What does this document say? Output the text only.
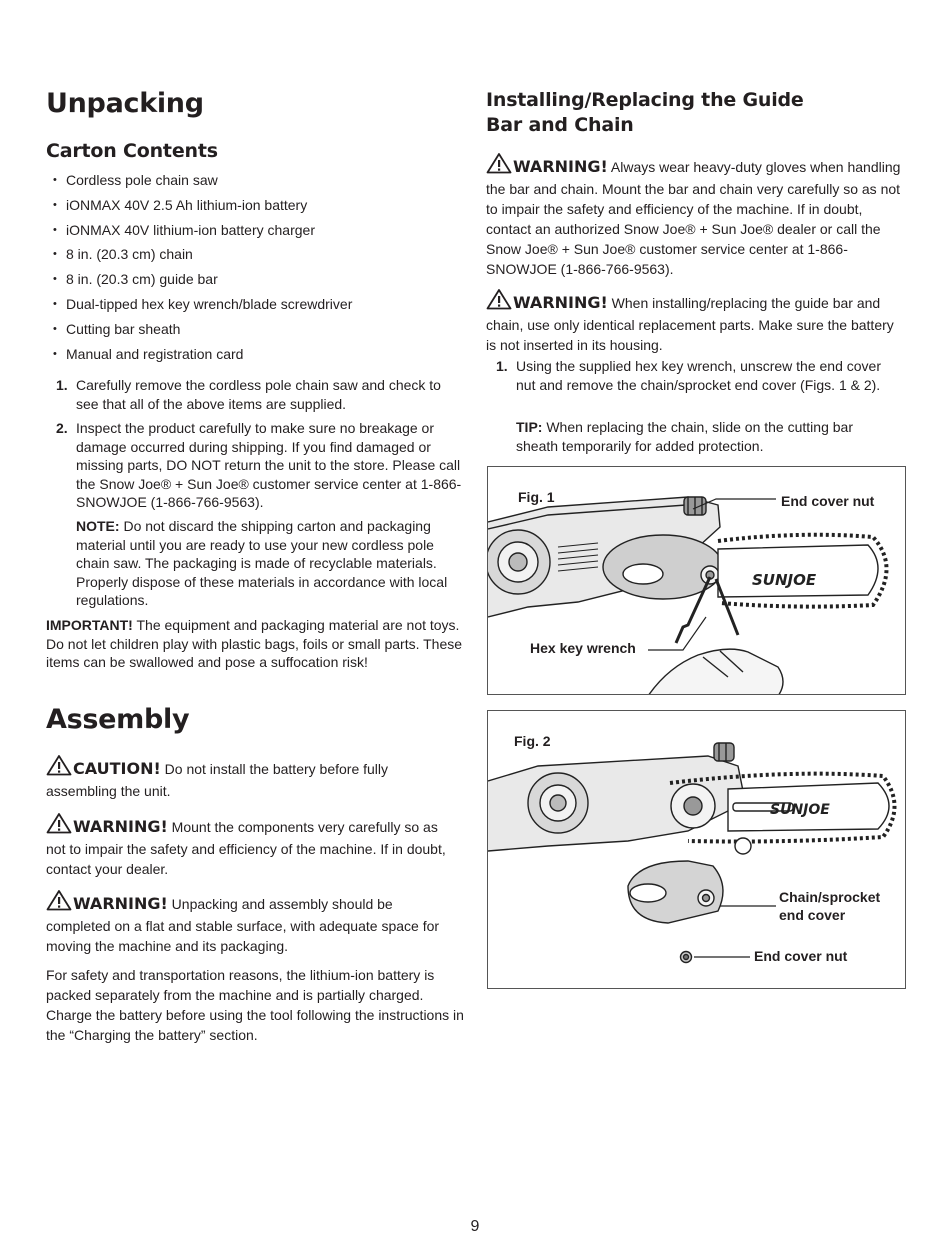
Unpacking
Carton Contents
• Cordless pole chain saw
• iONMAX 40V 2.5 Ah lithium-ion battery
• iONMAX 40V lithium-ion battery charger
• 8 in. (20.3 cm) chain
• 8 in. (20.3 cm) guide bar
• Dual-tipped hex key wrench/blade screwdriver
• Cutting bar sheath
• Manual and registration card
1. Carefully remove the cordless pole chain saw and check to see that all of the above items are supplied.
2. Inspect the product carefully to make sure no breakage or damage occurred during shipping. If you find damaged or missing parts, DO NOT return the unit to the store. Please call the Snow Joe® + Sun Joe® customer service center at 1-866-SNOWJOE (1-866-766-9563).
NOTE: Do not discard the shipping carton and packaging material until you are ready to use your new cordless pole chain saw. The packaging is made of recyclable materials. Properly dispose of these materials in accordance with local regulations.
IMPORTANT! The equipment and packaging material are not toys. Do not let children play with plastic bags, foils or small parts. These items can be swallowed and pose a suffocation risk!
Assembly
CAUTION! Do not install the battery before fully assembling the unit.
WARNING! Mount the components very carefully so as not to impair the safety and efficiency of the machine. If in doubt, contact your dealer.
WARNING! Unpacking and assembly should be completed on a flat and stable surface, with adequate space for moving the machine and its packaging.
For safety and transportation reasons, the lithium-ion battery is packed separately from the machine and is partially charged. Charge the battery before using the tool following the instructions in the “Charging the battery” section.
Installing/Replacing the Guide Bar and Chain
WARNING! Always wear heavy-duty gloves when handling the bar and chain. Mount the bar and chain very carefully so as not to impair the safety and efficiency of the machine. If in doubt, contact an authorized Snow Joe® + Sun Joe® dealer or call the Snow Joe® + Sun Joe® customer service center at 1-866-SNOWJOE (1-866-766-9563).
WARNING! When installing/replacing the guide bar and chain, use only identical replacement parts. Make sure the battery is not inserted in its housing.
1. Using the supplied hex key wrench, unscrew the end cover nut and remove the chain/sprocket end cover (Figs. 1 & 2).
TIP: When replacing the chain, slide on the cutting bar sheath temporarily for added protection.
SUNJOE
Fig. 1	End cover nut
Hex key wrench
SUNJOE
Fig. 2
Chain/sprocket
end cover
End cover nut
9
